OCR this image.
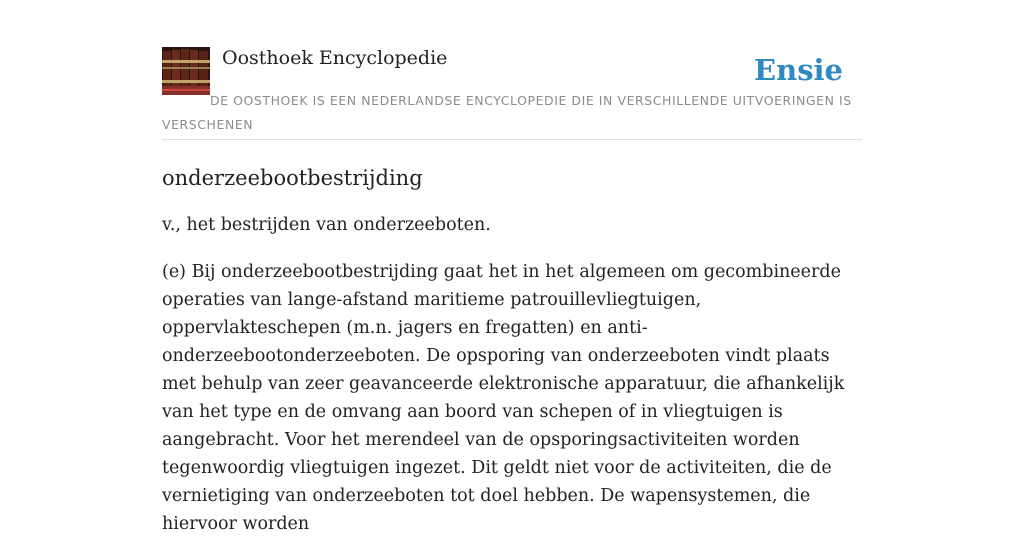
Oosthoek Encyclopedie	Ensie
DE OOSTHOEK IS EEN NEDERLANDSE ENCYCLOPEDIE DIE IN VERSCHILLENDE UITVOERINGEN IS VERSCHENEN
onderzeebootbestrijding

v., het bestrijden van onderzeeboten.

(e) Bij onderzeebootbestrijding gaat het in het algemeen om gecombineerde operaties van lange-afstand maritieme patrouillevliegtuigen, oppervlakteschepen (m.n. jagers en fregatten) en anti-onderzeebootonderzeeboten. De opsporing van onderzeeboten vindt plaats met behulp van zeer geavanceerde elektronische apparatuur, die afhankelijk van het type en de omvang aan boord van schepen of in vliegtuigen is aangebracht. Voor het merendeel van de opsporingsactiviteiten worden tegenwoordig vliegtuigen ingezet. Dit geldt niet voor de activiteiten, die de vernietiging van onderzeeboten tot doel hebben. De wapensystemen, die hiervoor worden
